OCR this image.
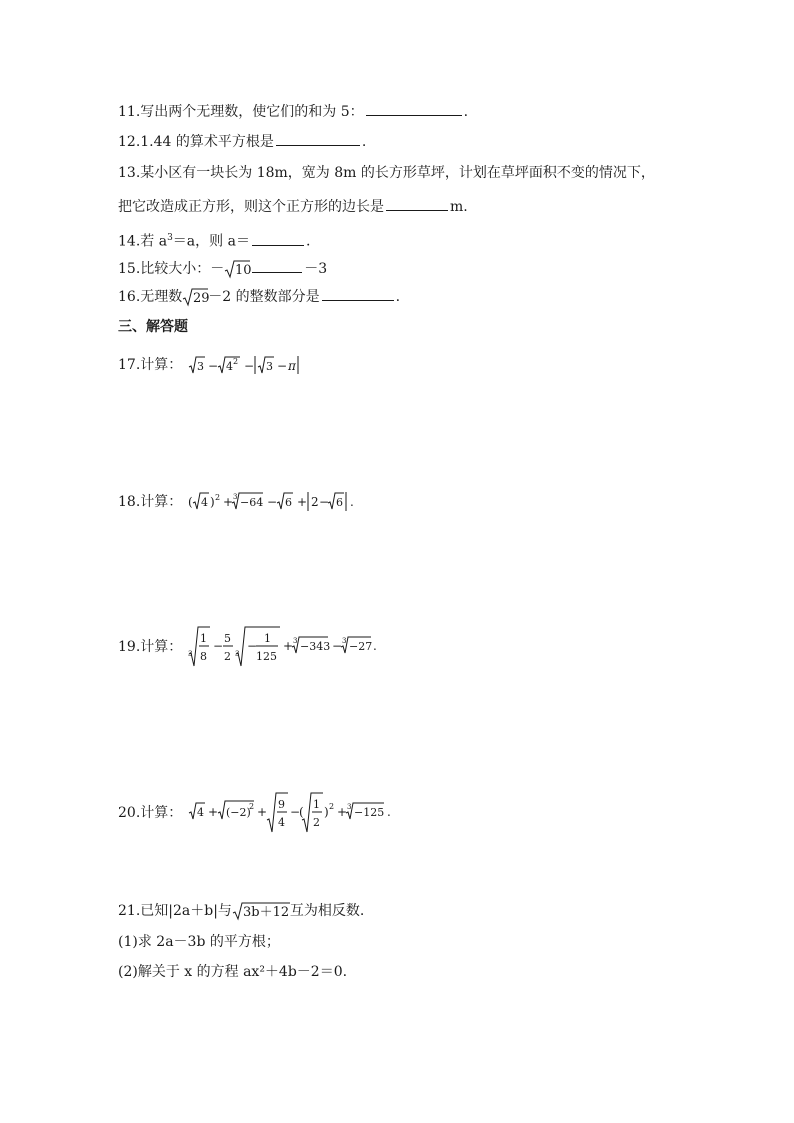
11.写出两个无理数，使它们的和为 5：	.
12.1.44 的算术平方根是	.
13.某小区有一块长为 18m，宽为 8m 的长方形草坪，计划在草坪面积不变的情况下，
把它改造成正方形，则这个正方形的边长是	m.
14.若 $a^3=a$，则 a＝	.
15.比较大小：－ 10	－3
16.无理数 29
－2 的整数部分是	.
三、解答题
17.计算： 3 − 4 2 − 3 − π
18.计算： ( 4 ) 2 + 3 −64 − 6 + 2 − 6 .
19.计算： 3
1
8
−
5
2 3
−
1
125
+ 3 −343 − 3 −27 .
20.计算： 4 + (−2)
2 +
9
4
−
(
1
2
) 2 + 3 −125 .
21.已知|2a＋b|与 3b＋12 互为相反数.
(1)求 2a－3b 的平方根；
(2)解关于 x 的方程 ax²＋4b－2＝0.
